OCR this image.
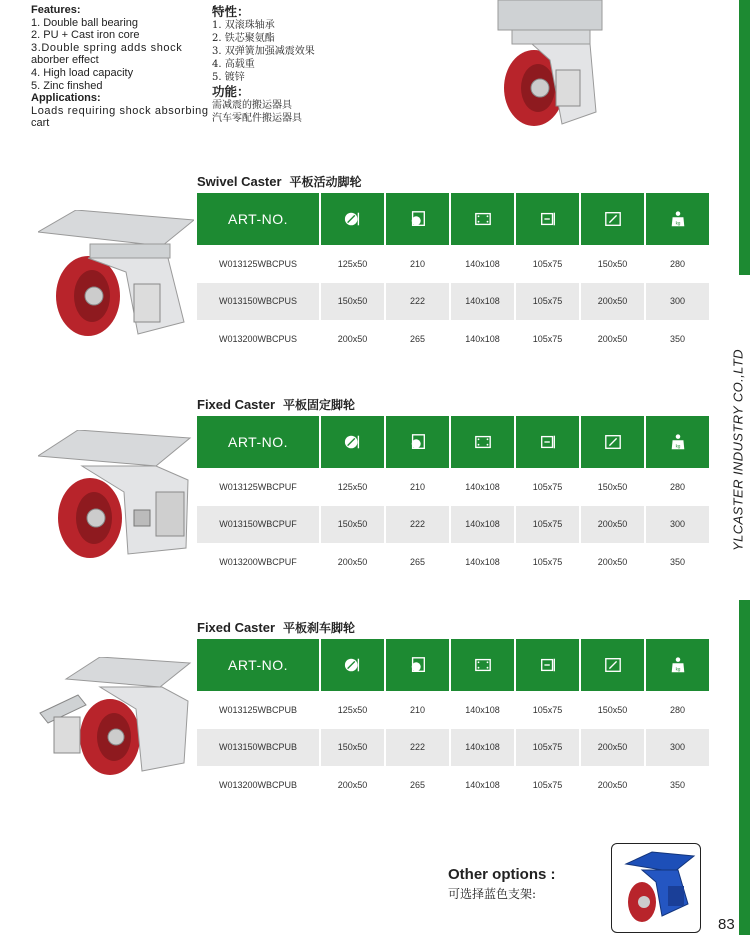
Features:
1. Double ball bearing
2. PU + Cast iron core
3.Double spring adds shock
aborber effect
4. High load capacity
5. Zinc finshed
Applications:
Loads requiring shock absorbing
cart
特性：
1. 双滚珠轴承
2. 铁芯聚氨酯
3. 双弹簧加强减震效果
4. 高载重
5. 镀锌
功能：
需减震的搬运器具
汽车零配件搬运器具
YLCASTER INDUSTRY CO.,LTD
Swivel Caster 平板活动脚轮
ART-NO.	kg
W013125WBCPUS	125x50	210	140x108	105x75	150x50	280
W013150WBCPUS	150x50	222	140x108	105x75	200x50	300
W013200WBCPUS	200x50	265	140x108	105x75	200x50	350
Fixed Caster 平板固定脚轮
ART-NO.	kg
W013125WBCPUF	125x50	210	140x108	105x75	150x50	280
W013150WBCPUF	150x50	222	140x108	105x75	200x50	300
W013200WBCPUF	200x50	265	140x108	105x75	200x50	350
Fixed Caster 平板刹车脚轮
ART-NO.	kg
W013125WBCPUB	125x50	210	140x108	105x75	150x50	280
W013150WBCPUB	150x50	222	140x108	105x75	200x50	300
W013200WBCPUB	200x50	265	140x108	105x75	200x50	350
Other options :
可选择蓝色支架:
83
